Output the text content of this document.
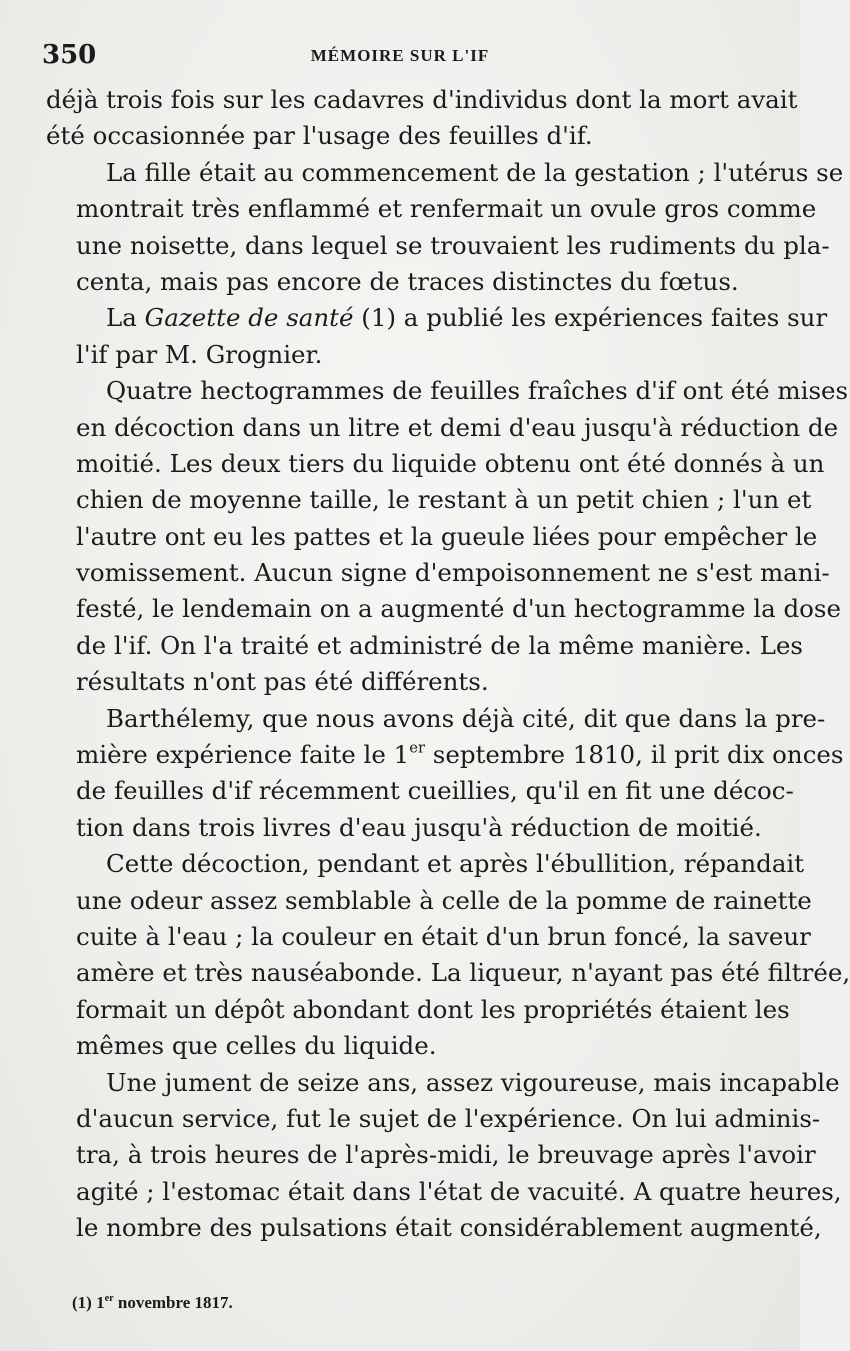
350	MÉMOIRE SUR L'IF
déjà trois fois sur les cadavres d'individus dont la mort avait
été occasionnée par l'usage des feuilles d'if.
La fille était au commencement de la gestation ; l'utérus se
montrait très enflammé et renfermait un ovule gros comme
une noisette, dans lequel se trouvaient les rudiments du pla-
centa, mais pas encore de traces distinctes du fœtus.
La Gazette de santé (1) a publié les expériences faites sur
l'if par M. Grognier.
Quatre hectogrammes de feuilles fraîches d'if ont été mises
en décoction dans un litre et demi d'eau jusqu'à réduction de
moitié. Les deux tiers du liquide obtenu ont été donnés à un
chien de moyenne taille, le restant à un petit chien ; l'un et
l'autre ont eu les pattes et la gueule liées pour empêcher le
vomissement. Aucun signe d'empoisonnement ne s'est mani-
festé, le lendemain on a augmenté d'un hectogramme la dose
de l'if. On l'a traité et administré de la même manière. Les
résultats n'ont pas été différents.
Barthélemy, que nous avons déjà cité, dit que dans la pre-
mière expérience faite le 1er septembre 1810, il prit dix onces
de feuilles d'if récemment cueillies, qu'il en fit une décoc-
tion dans trois livres d'eau jusqu'à réduction de moitié.
Cette décoction, pendant et après l'ébullition, répandait
une odeur assez semblable à celle de la pomme de rainette
cuite à l'eau ; la couleur en était d'un brun foncé, la saveur
amère et très nauséabonde. La liqueur, n'ayant pas été filtrée,
formait un dépôt abondant dont les propriétés étaient les
mêmes que celles du liquide.
Une jument de seize ans, assez vigoureuse, mais incapable
d'aucun service, fut le sujet de l'expérience. On lui adminis-
tra, à trois heures de l'après-midi, le breuvage après l'avoir
agité ; l'estomac était dans l'état de vacuité. A quatre heures,
le nombre des pulsations était considérablement augmenté,
(1) 1er novembre 1817.
